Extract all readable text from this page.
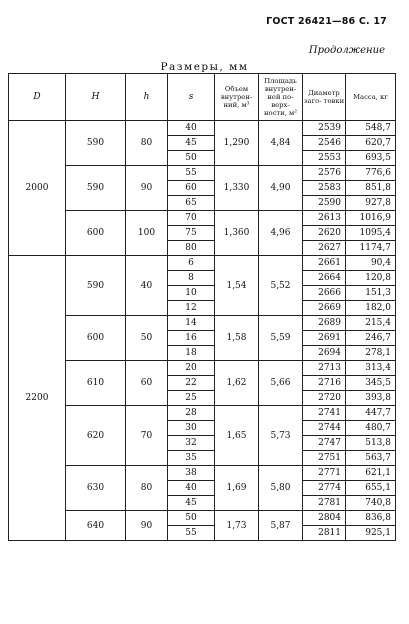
ГОСТ 26421—86 С. 17
Продолжение
Размеры, мм
D	H	h	s	Объем внутрен- ний, м³	Площадь внутрен- ней по- верх- ности, м²	Диаметр заго- товки	Масса, кг
2000	590	80	40	1,290	4,84	2539	548,7
			45			2546	620,7
			50			2553	693,5
	590	90	55	1,330	4,90	2576	776,6
			60			2583	851,8
			65			2590	927,8
	600	100	70	1,360	4,96	2613	1016,9
			75			2620	1095,4
			80			2627	1174,7
2200	590	40	6	1,54	5,52	2661	90,4
			8			2664	120,8
			10			2666	151,3
			12			2669	182,0
	600	50	14	1,58	5,59	2689	215,4
			16			2691	246,7
			18			2694	278,1
	610	60	20	1,62	5,66	2713	313,4
			22			2716	345,5
			25			2720	393,8
	620	70	28	1,65	5,73	2741	447,7
			30			2744	480,7
			32			2747	513,8
			35			2751	563,7
	630	80	38	1,69	5,80	2771	621,1
			40			2774	655,1
			45			2781	740,8
	640	90	50	1,73	5,87	2804	836,8
			55			2811	925,1
